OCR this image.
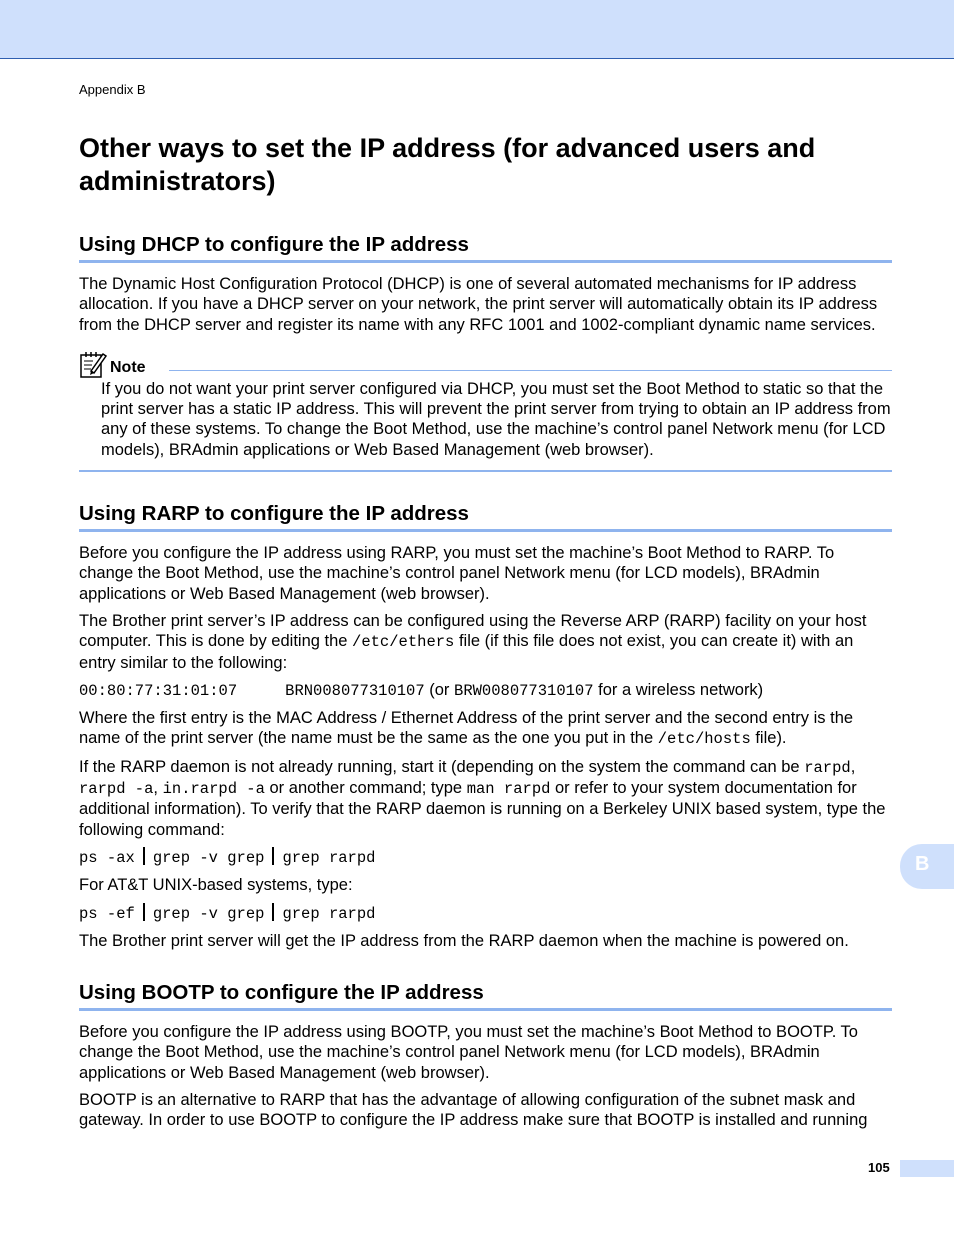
Appendix B
Other ways to set the IP address (for advanced users and administrators)
Using DHCP to configure the IP address

The Dynamic Host Configuration Protocol (DHCP) is one of several automated mechanisms for IP address allocation. If you have a DHCP server on your network, the print server will automatically obtain its IP address from the DHCP server and register its name with any RFC 1001 and 1002-compliant dynamic name services.

Note

If you do not want your print server configured via DHCP, you must set the Boot Method to static so that the print server has a static IP address. This will prevent the print server from trying to obtain an IP address from any of these systems. To change the Boot Method, use the machine’s control panel Network menu (for LCD models), BRAdmin applications or Web Based Management (web browser).

Using RARP to configure the IP address

Before you configure the IP address using RARP, you must set the machine’s Boot Method to RARP. To change the Boot Method, use the machine’s control panel Network menu (for LCD models), BRAdmin applications or Web Based Management (web browser).

The Brother print server’s IP address can be configured using the Reverse ARP (RARP) facility on your host computer. This is done by editing the /etc/ethers file (if this file does not exist, you can create it) with an entry similar to the following:

00:80:77:31:01:07	BRN008077310107 (or BRW008077310107 for a wireless network)

Where the first entry is the MAC Address / Ethernet Address of the print server and the second entry is the name of the print server (the name must be the same as the one you put in the /etc/hosts file).

If the RARP daemon is not already running, start it (depending on the system the command can be rarpd, rarpd -a, in.rarpd -a or another command; type man rarpd or refer to your system documentation for additional information). To verify that the RARP daemon is running on a Berkeley UNIX based system, type the following command:

ps -ax grep -v grep grep rarpd

For AT&T UNIX-based systems, type:

ps -ef grep -v grep grep rarpd

The Brother print server will get the IP address from the RARP daemon when the machine is powered on.

Using BOOTP to configure the IP address

Before you configure the IP address using BOOTP, you must set the machine’s Boot Method to BOOTP. To change the Boot Method, use the machine’s control panel Network menu (for LCD models), BRAdmin applications or Web Based Management (web browser).

BOOTP is an alternative to RARP that has the advantage of allowing configuration of the subnet mask and gateway. In order to use BOOTP to configure the IP address make sure that BOOTP is installed and running

B
105
